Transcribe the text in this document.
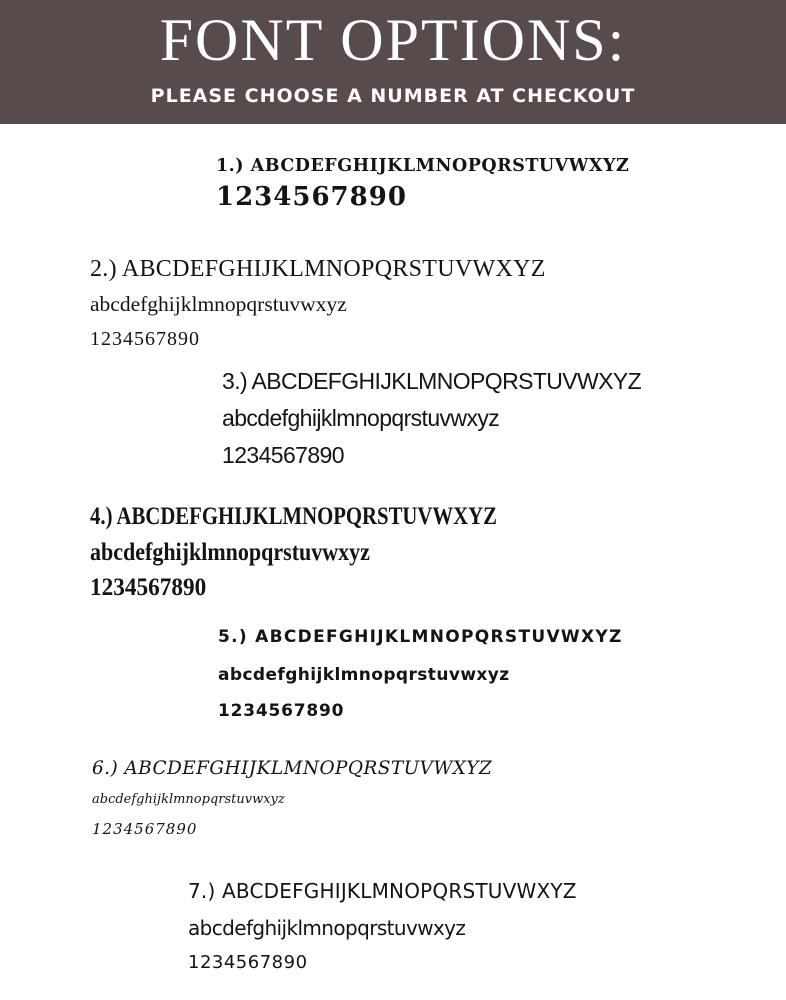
FONT OPTIONS:
PLEASE CHOOSE A NUMBER AT CHECKOUT
1.) ABCDEFGHIJKLMNOPQRSTUVWXYZ
1234567890
2.) ABCDEFGHIJKLMNOPQRSTUVWXYZ
abcdefghijklmnopqrstuvwxyz
1234567890
3.) ABCDEFGHIJKLMNOPQRSTUVWXYZ
abcdefghijklmnopqrstuvwxyz
1234567890
4.) ABCDEFGHIJKLMNOPQRSTUVWXYZ
abcdefghijklmnopqrstuvwxyz
1234567890
5.) ABCDEFGHIJKLMNOPQRSTUVWXYZ
abcdefghijklmnopqrstuvwxyz
1234567890
6.) ABCDEFGHIJKLMNOPQRSTUVWXYZ
abcdefghijklmnopqrstuvwxyz
1234567890
7.) ABCDEFGHIJKLMNOPQRSTUVWXYZ
abcdefghijklmnopqrstuvwxyz
1234567890
